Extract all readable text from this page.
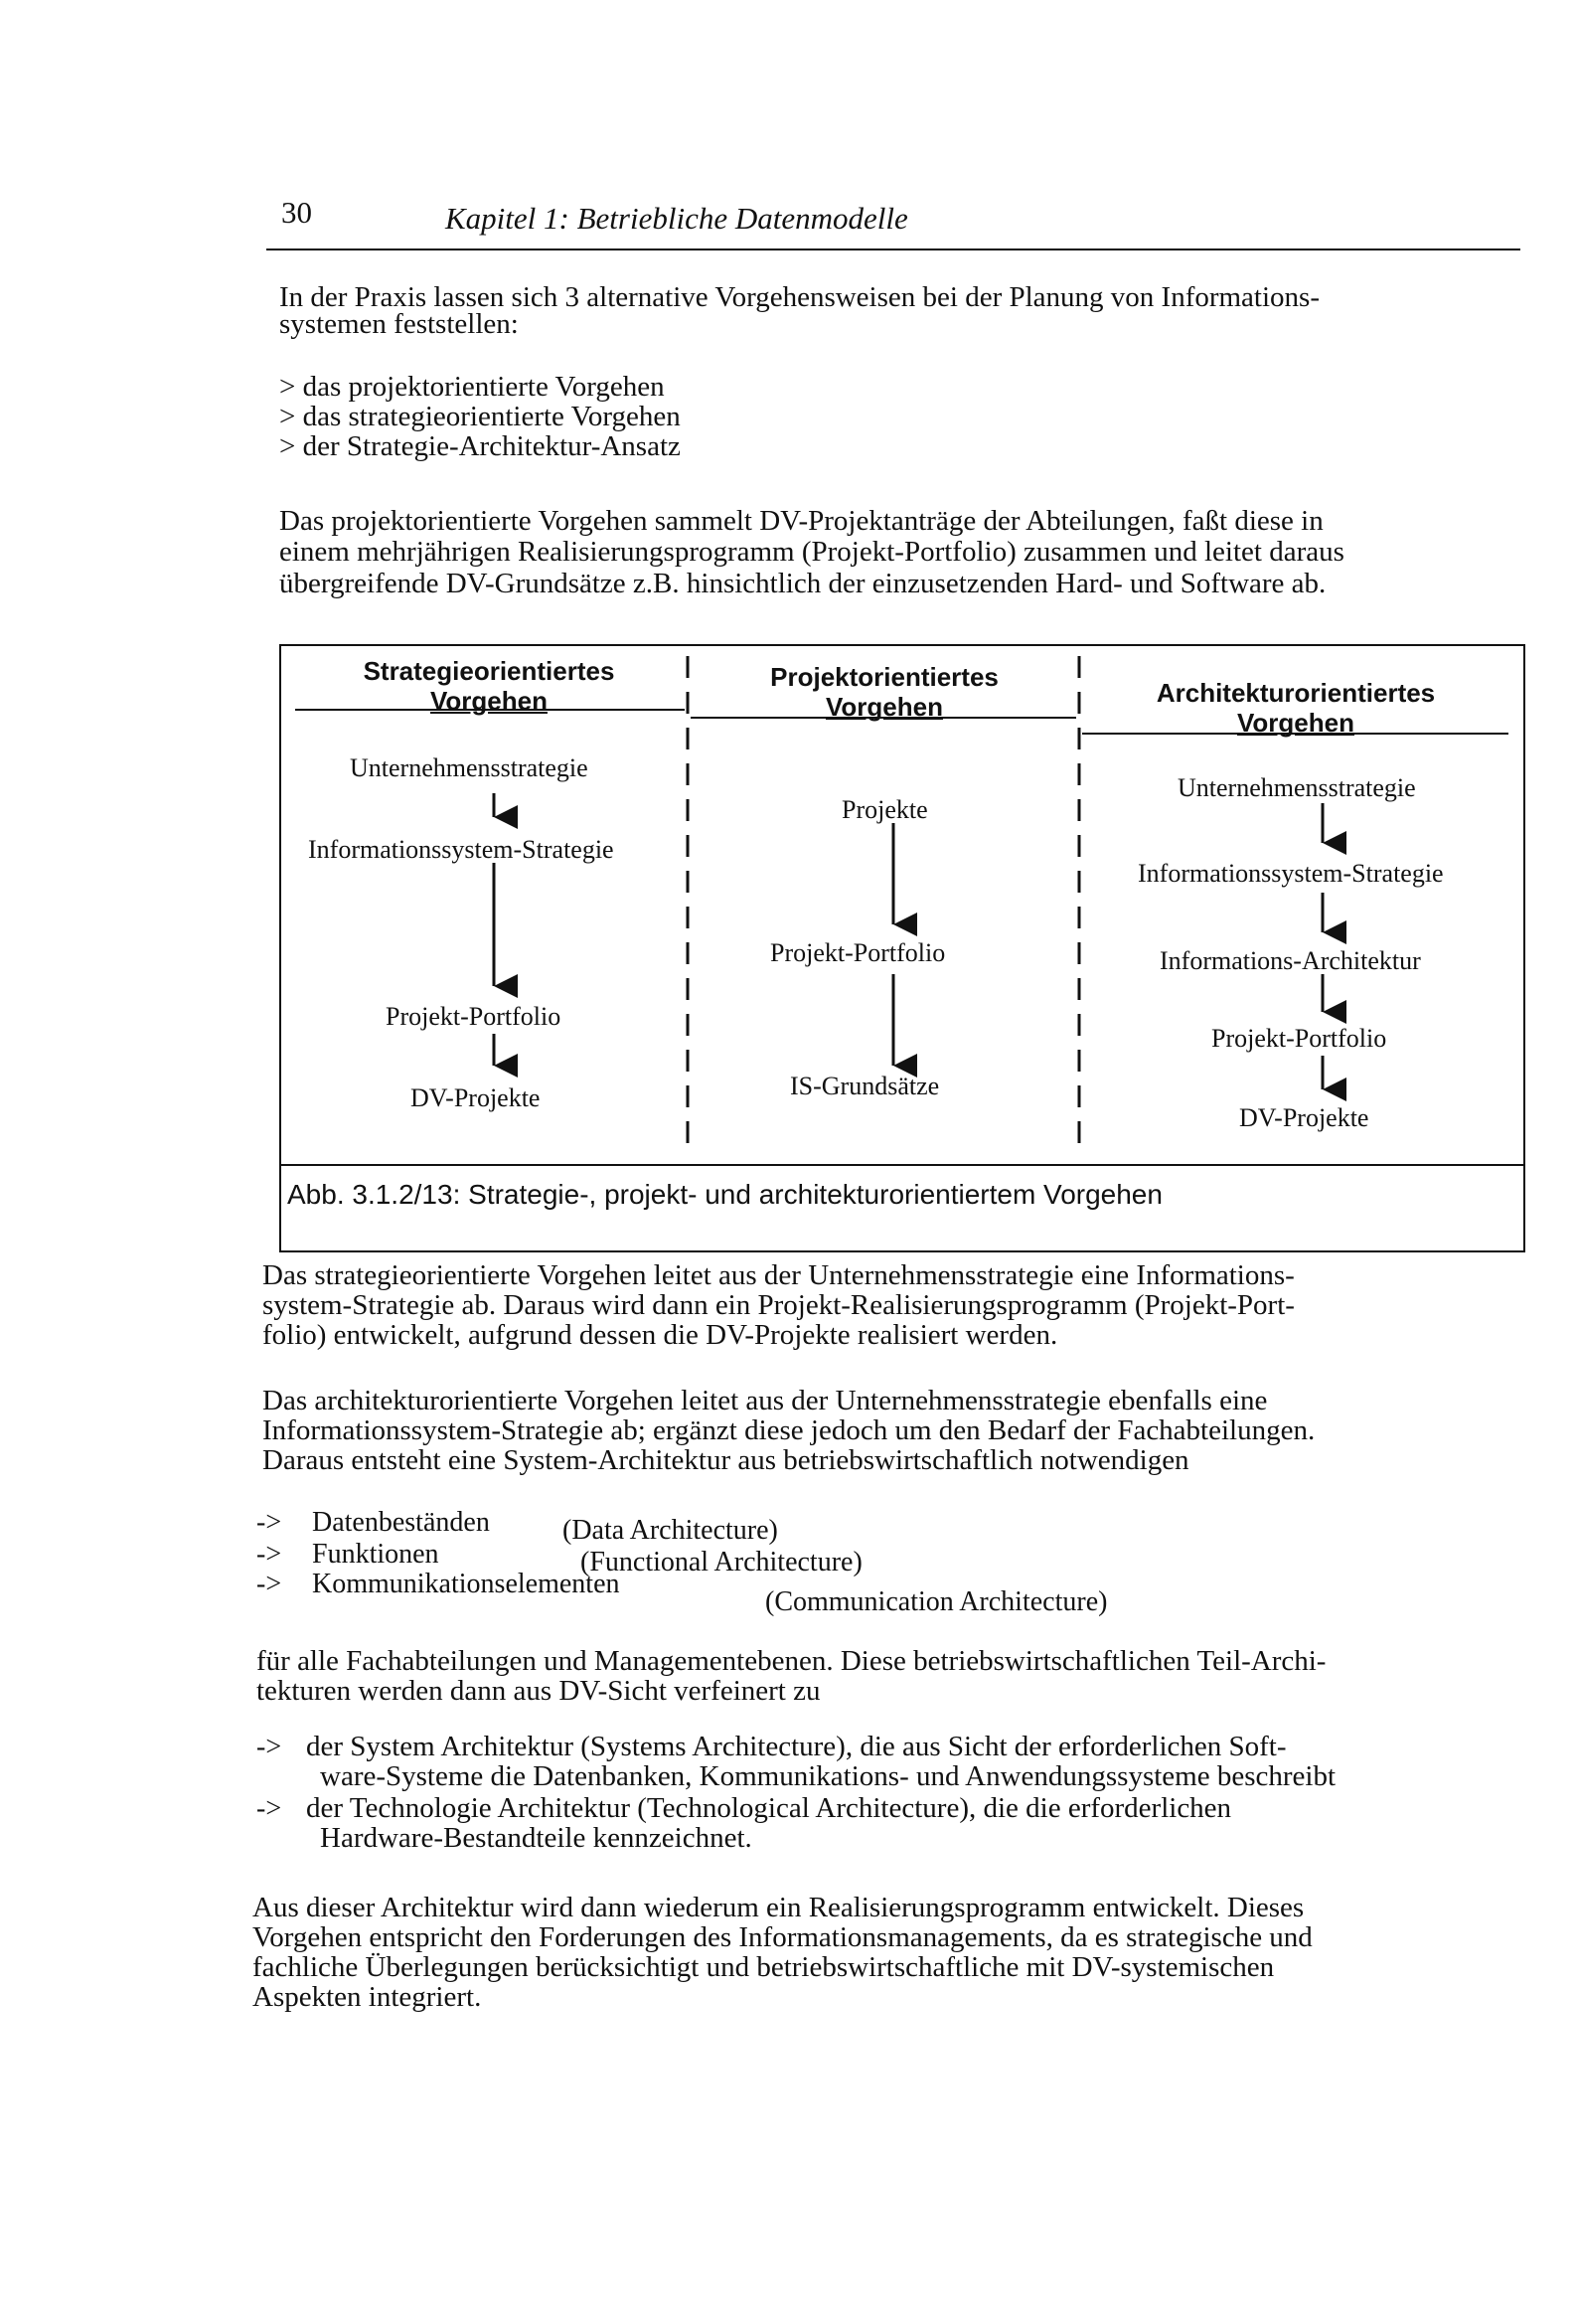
30	Kapitel 1: Betriebliche Datenmodelle
In der Praxis lassen sich 3 alternative Vorgehensweisen bei der Planung von Informations-
systemen feststellen:
> das projektorientierte Vorgehen
> das strategieorientierte Vorgehen
> der Strategie-Architektur-Ansatz
Das projektorientierte Vorgehen sammelt DV-Projektanträge der Abteilungen, faßt diese in
einem mehrjährigen Realisierungsprogramm (Projekt-Portfolio) zusammen und leitet daraus
übergreifende DV-Grundsätze z.B. hinsichtlich der einzusetzenden Hard- und Software ab.
Strategieorientiertes
Vorgehen
Unternehmensstrategie
Informationssystem-Strategie
Projekt-Portfolio
DV-Projekte
Projektorientiertes
Vorgehen
Projekte
Projekt-Portfolio
IS-Grundsätze
Architekturorientiertes
Vorgehen
Unternehmensstrategie
Informationssystem-Strategie
Informations-Architektur
Projekt-Portfolio
DV-Projekte
Abb. 3.1.2/13: Strategie-, projekt- und architekturorientiertem Vorgehen
Das strategieorientierte Vorgehen leitet aus der Unternehmensstrategie eine Informations-
system-Strategie ab. Daraus wird dann ein Projekt-Realisierungsprogramm (Projekt-Port-
folio) entwickelt, aufgrund dessen die DV-Projekte realisiert werden.
Das architekturorientierte Vorgehen leitet aus der Unternehmensstrategie ebenfalls eine
Informationssystem-Strategie ab; ergänzt diese jedoch um den Bedarf der Fachabteilungen.
Daraus entsteht eine System-Architektur aus betriebswirtschaftlich notwendigen
-> Datenbeständen	(Data Architecture)
-> Funktionen	(Functional Architecture)
-> Kommunikationselementen
(Communication Architecture)
für alle Fachabteilungen und Managementebenen. Diese betriebswirtschaftlichen Teil-Archi-
tekturen werden dann aus DV-Sicht verfeinert zu
-> der System Architektur (Systems Architecture), die aus Sicht der erforderlichen Soft-
ware-Systeme die Datenbanken, Kommunikations- und Anwendungssysteme beschreibt
-> der Technologie Architektur (Technological Architecture), die die erforderlichen
Hardware-Bestandteile kennzeichnet.
Aus dieser Architektur wird dann wiederum ein Realisierungsprogramm entwickelt. Dieses
Vorgehen entspricht den Forderungen des Informationsmanagements, da es strategische und
fachliche Überlegungen berücksichtigt und betriebswirtschaftliche mit DV-systemischen
Aspekten integriert.
